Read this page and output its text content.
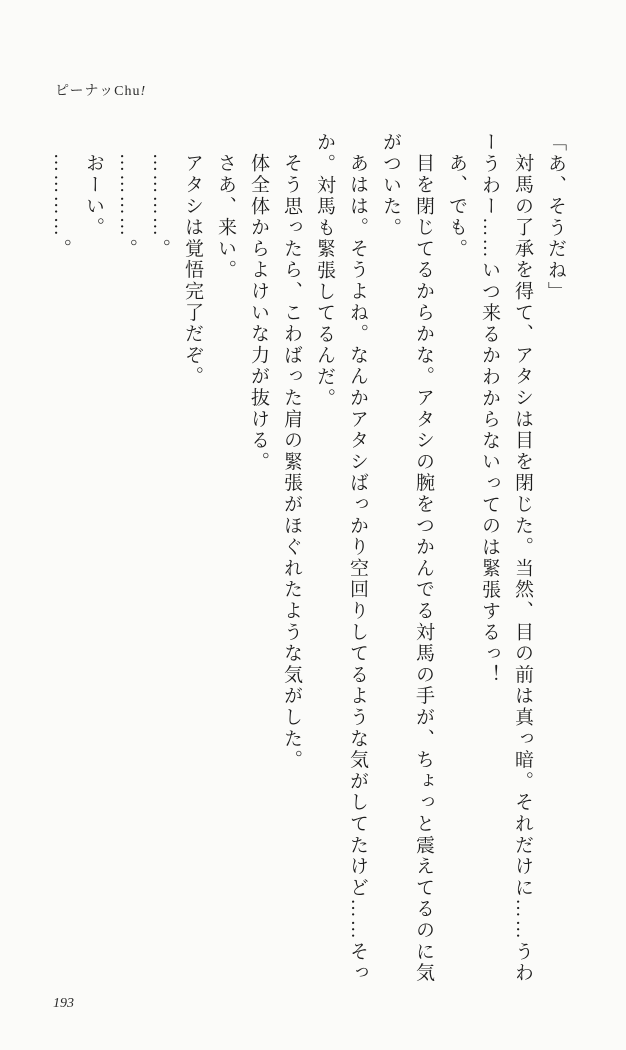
ピーナッChu!

「あ、そうだね」

対馬の了承を得て、アタシは目を閉じた。当然、目の前は真っ暗。それだけに……うわーうわー……いつ来るかわからないってのは緊張するっ！

あ、でも。

目を閉じてるからかな。アタシの腕をつかんでる対馬の手が、ちょっと震えてるのに気がついた。

あはは。そうよね。なんかアタシばっかり空回りしてるような気がしてたけど……そっか。対馬も緊張してるんだ。

そう思ったら、こわばった肩の緊張がほぐれたような気がした。

体全体からよけいな力が抜ける。

さあ、来い。

アタシは覚悟完了だぞ。

…………。

…………。

おーい。

…………。

193
